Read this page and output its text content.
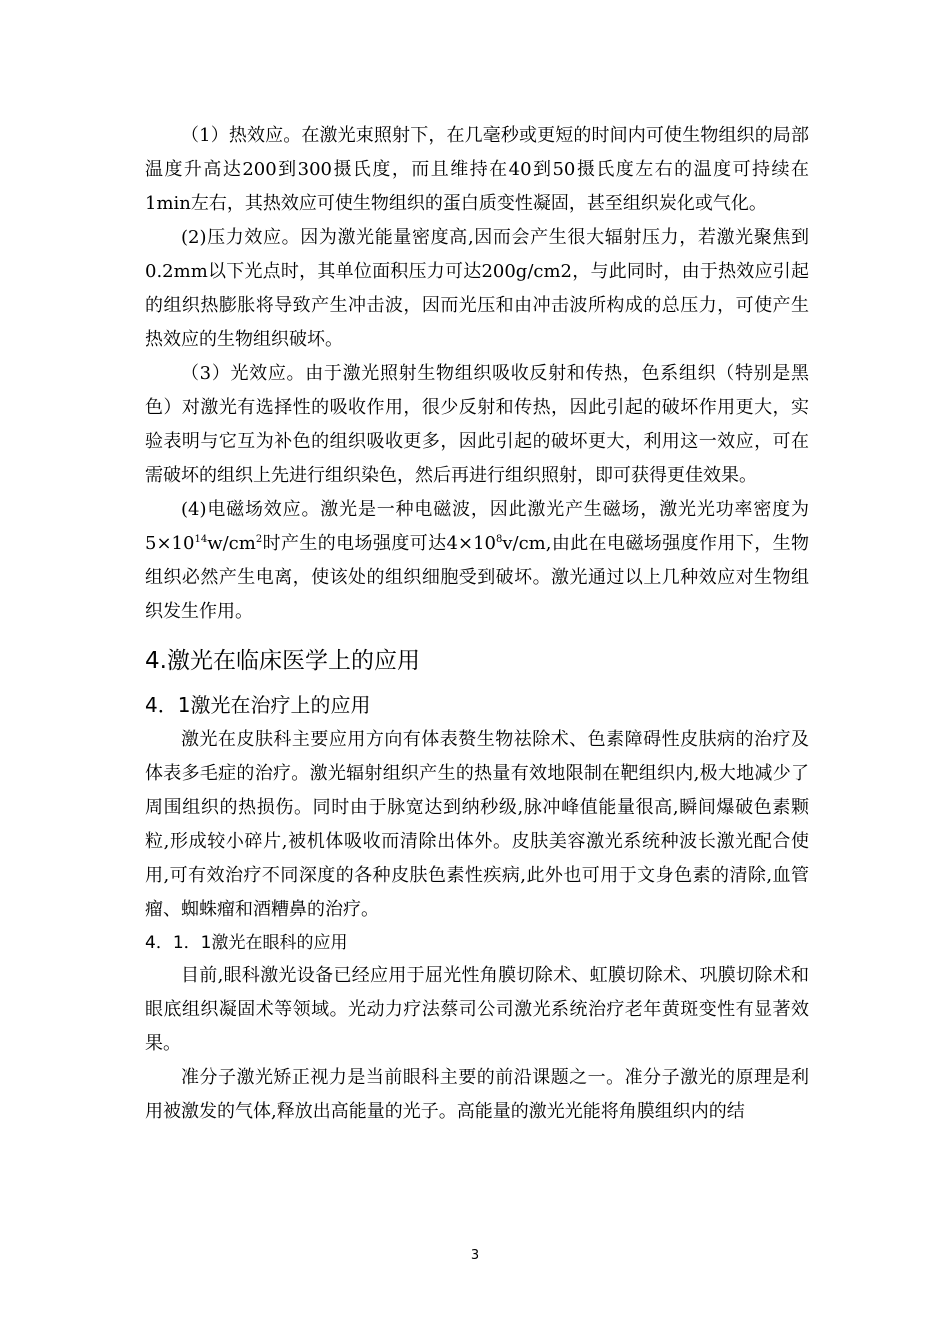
（1）热效应。在激光束照射下，在几毫秒或更短的时间内可使生物组织的局部温度升高达200到300摄氏度，而且维持在40到50摄氏度左右的温度可持续在1min左右，其热效应可使生物组织的蛋白质变性凝固，甚至组织炭化或气化。

(2)压力效应。因为激光能量密度高,因而会产生很大辐射压力，若激光聚焦到0.2mm以下光点时，其单位面积压力可达200g/cm2，与此同时，由于热效应引起的组织热膨胀将导致产生冲击波，因而光压和由冲击波所构成的总压力，可使产生热效应的生物组织破坏。

（3）光效应。由于激光照射生物组织吸收反射和传热，色系组织（特别是黑色）对激光有选择性的吸收作用，很少反射和传热，因此引起的破坏作用更大，实验表明与它互为补色的组织吸收更多，因此引起的破坏更大，利用这一效应，可在需破坏的组织上先进行组织染色，然后再进行组织照射，即可获得更佳效果。

(4)电磁场效应。激光是一种电磁波，因此激光产生磁场，激光光功率密度为$5\times 10^{14}w/cm^2$时产生的电场强度可达$4\times 10^8v/cm$,由此在电磁场强度作用下，生物组织必然产生电离，使该处的组织细胞受到破坏。激光通过以上几种效应对生物组织发生作用。

4.激光在临床医学上的应用
4．1激光在治疗上的应用

激光在皮肤科主要应用方向有体表赘生物祛除术、色素障碍性皮肤病的治疗及体表多毛症的治疗。激光辐射组织产生的热量有效地限制在靶组织内,极大地减少了周围组织的热损伤。同时由于脉宽达到纳秒级,脉冲峰值能量很高,瞬间爆破色素颗粒,形成较小碎片,被机体吸收而清除出体外。皮肤美容激光系统种波长激光配合使用,可有效治疗不同深度的各种皮肤色素性疾病,此外也可用于文身色素的清除,血管瘤、蜘蛛瘤和酒糟鼻的治疗。

4．1．1激光在眼科的应用

目前,眼科激光设备已经应用于屈光性角膜切除术、虹膜切除术、巩膜切除术和眼底组织凝固术等领域。光动力疗法蔡司公司激光系统治疗老年黄斑变性有显著效果。

准分子激光矫正视力是当前眼科主要的前沿课题之一。准分子激光的原理是利用被激发的气体,释放出高能量的光子。高能量的激光光能将角膜组织内的结

3
